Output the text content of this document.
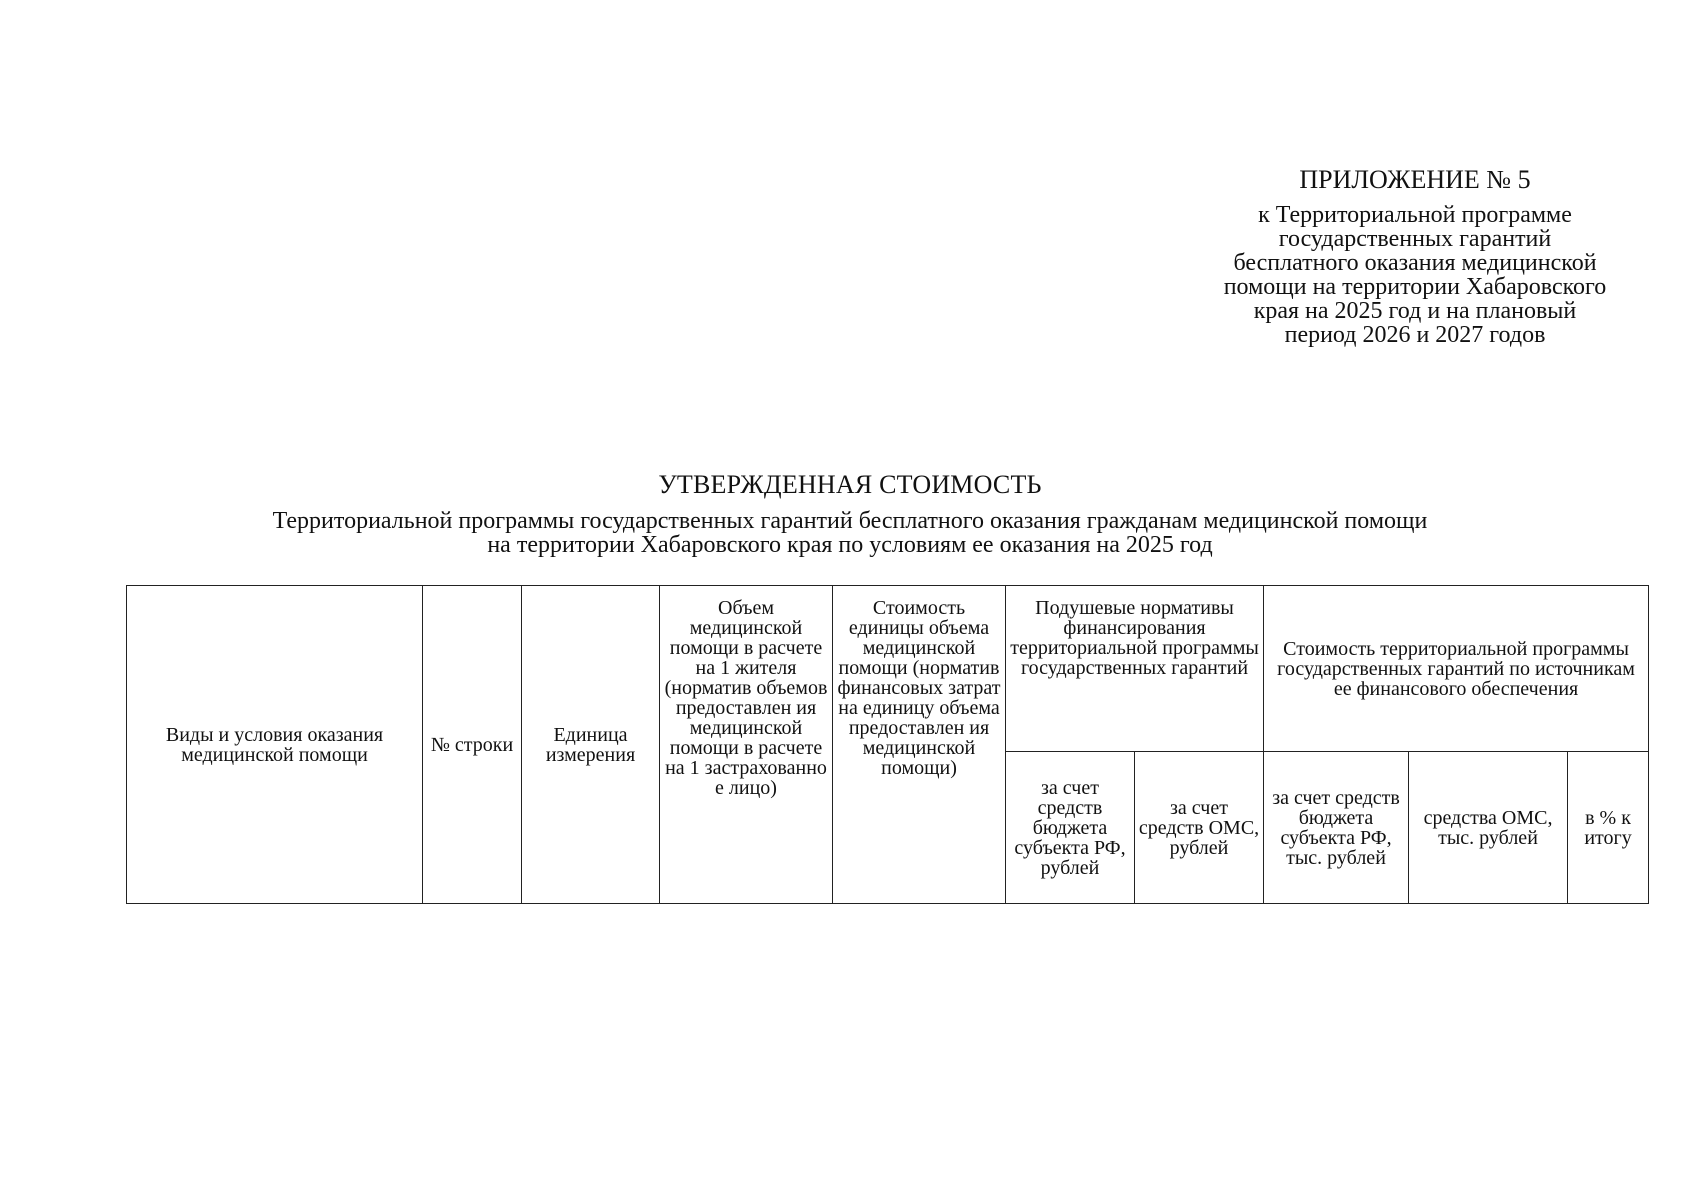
ПРИЛОЖЕНИЕ № 5
к Территориальной программе
государственных гарантий
бесплатного оказания медицинской
помощи на территории Хабаровского
края на 2025 год и на плановый
период 2026 и 2027 годов
УТВЕРЖДЕННАЯ СТОИМОСТЬ
Территориальной программы государственных гарантий бесплатного оказания гражданам медицинской помощи
на территории Хабаровского края по условиям ее оказания на 2025 год
Виды и условия оказания медицинской помощи	№ строки	Единица измерения	Объем медицинской помощи в расчете на 1 жителя (норматив объемов предоставлен ия медицинской помощи в расчете на 1 застрахованно е лицо)	Стоимость единицы объема медицинской помощи (норматив финансовых затрат на единицу объема предоставлен ия медицинской помощи)	Подушевые нормативы финансирования территориальной программы государственных гарантий		Стоимость территориальной программы государственных гарантий по источникам ее финансового обеспечения		
					за счет средств бюджета субъекта РФ, рублей	за счет средств ОМС, рублей	за счет средств бюджета субъекта РФ, тыс. рублей	средства ОМС, тыс. рублей	в % к итогу
